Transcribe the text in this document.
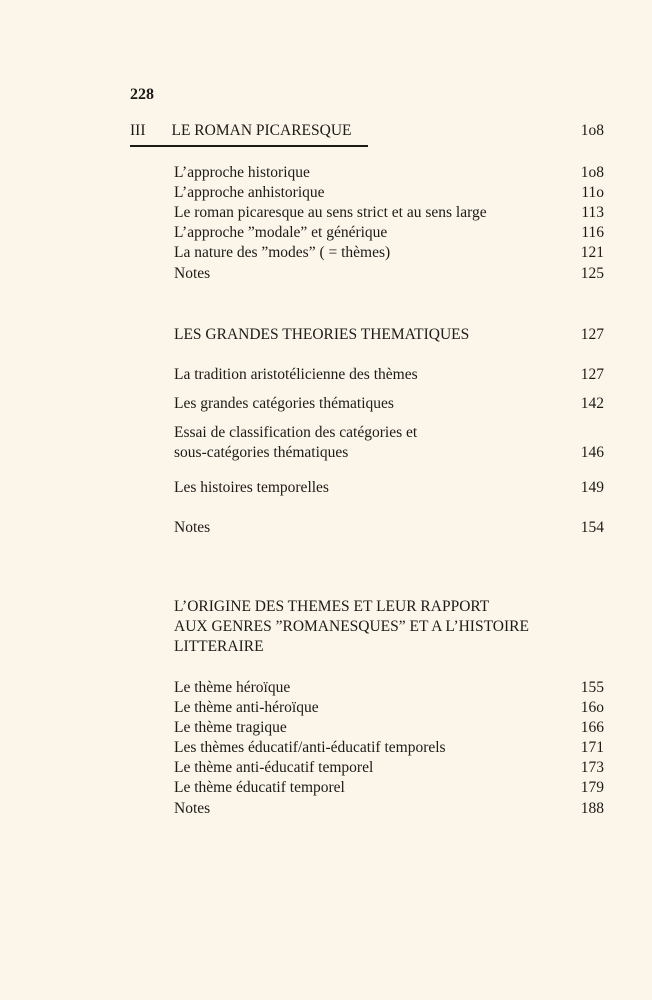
228
III LE ROMAN PICARESQUE	1o8
L’approche historique	1o8
L’approche anhistorique	11o
Le roman picaresque au sens strict et au sens large	113
L’approche ”modale” et générique	116
La nature des ”modes” ( = thèmes)	121
Notes	125
LES GRANDES THEORIES THEMATIQUES	127
La tradition aristotélicienne des thèmes	127
Les grandes catégories thématiques	142
Essai de classification des catégories et
sous-catégories thématiques	146
Les histoires temporelles	149
Notes	154
L’ORIGINE DES THEMES ET LEUR RAPPORT
AUX GENRES ”ROMANESQUES” ET A L’HISTOIRE
LITTERAIRE
Le thème héroïque	155
Le thème anti-héroïque	16o
Le thème tragique	166
Les thèmes éducatif/anti-éducatif temporels	171
Le thème anti-éducatif temporel	173
Le thème éducatif temporel	179
Notes	188
